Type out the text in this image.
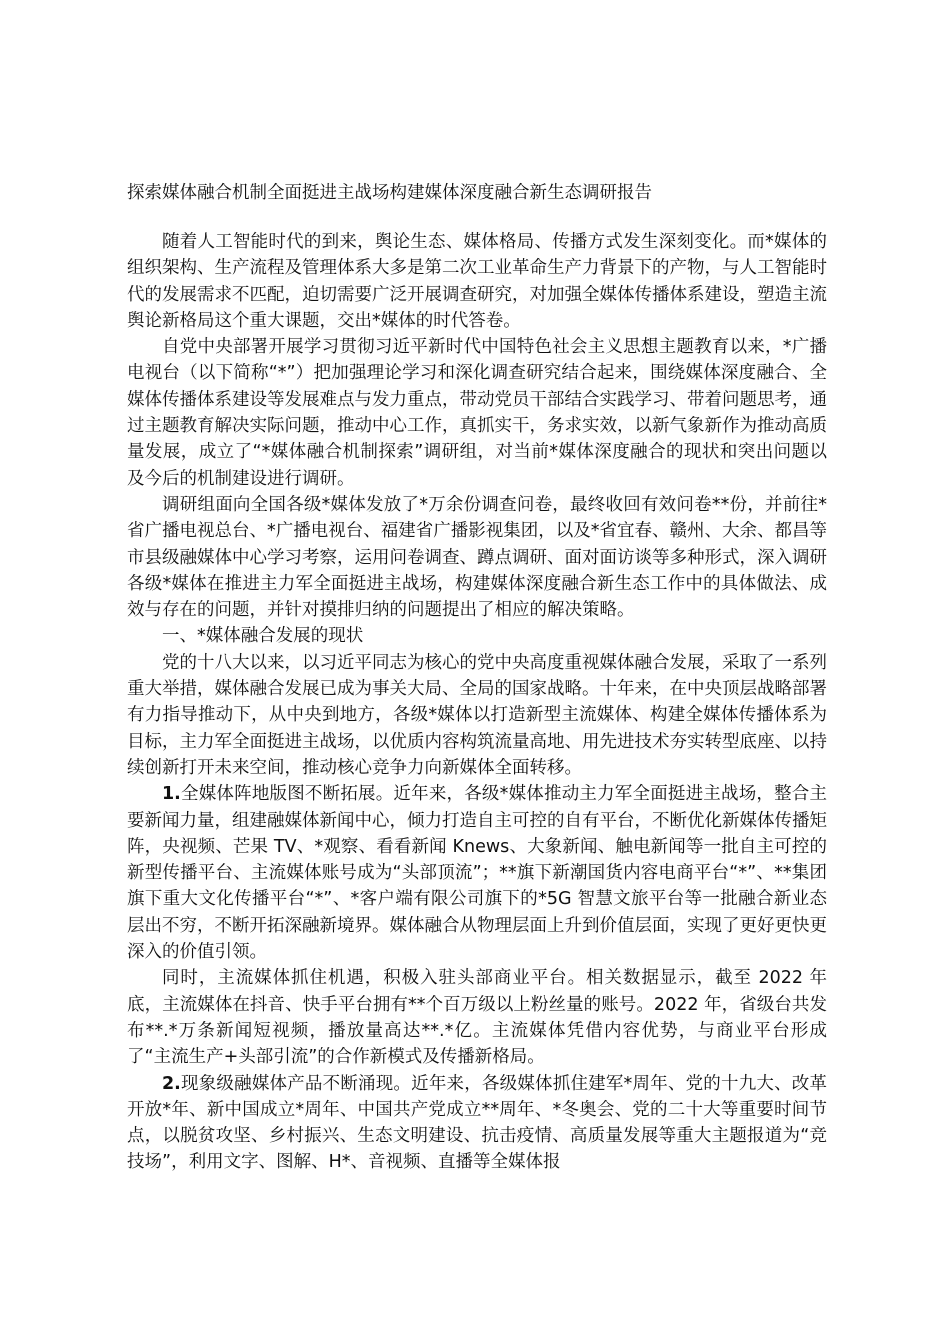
探索媒体融合机制全面挺进主战场构建媒体深度融合新生态调研报告

随着人工智能时代的到来，舆论生态、媒体格局、传播方式发生深刻变化。而*媒体的组织架构、生产流程及管理体系大多是第二次工业革命生产力背景下的产物，与人工智能时代的发展需求不匹配，迫切需要广泛开展调查研究，对加强全媒体传播体系建设，塑造主流舆论新格局这个重大课题，交出*媒体的时代答卷。

自党中央部署开展学习贯彻习近平新时代中国特色社会主义思想主题教育以来，*广播电视台（以下简称“*”）把加强理论学习和深化调查研究结合起来，围绕媒体深度融合、全媒体传播体系建设等发展难点与发力重点，带动党员干部结合实践学习、带着问题思考，通过主题教育解决实际问题，推动中心工作，真抓实干，务求实效，以新气象新作为推动高质量发展，成立了“*媒体融合机制探索”调研组，对当前*媒体深度融合的现状和突出问题以及今后的机制建设进行调研。

调研组面向全国各级*媒体发放了*万余份调查问卷，最终收回有效问卷**份，并前往*省广播电视总台、*广播电视台、福建省广播影视集团，以及*省宜春、赣州、大余、都昌等市县级融媒体中心学习考察，运用问卷调查、蹲点调研、面对面访谈等多种形式，深入调研各级*媒体在推进主力军全面挺进主战场，构建媒体深度融合新生态工作中的具体做法、成效与存在的问题，并针对摸排归纳的问题提出了相应的解决策略。

一、*媒体融合发展的现状

党的十八大以来，以习近平同志为核心的党中央高度重视媒体融合发展，采取了一系列重大举措，媒体融合发展已成为事关大局、全局的国家战略。十年来，在中央顶层战略部署有力指导推动下，从中央到地方，各级*媒体以打造新型主流媒体、构建全媒体传播体系为目标，主力军全面挺进主战场，以优质内容构筑流量高地、用先进技术夯实转型底座、以持续创新打开未来空间，推动核心竞争力向新媒体全面转移。

1.全媒体阵地版图不断拓展。近年来，各级*媒体推动主力军全面挺进主战场，整合主要新闻力量，组建融媒体新闻中心，倾力打造自主可控的自有平台，不断优化新媒体传播矩阵，央视频、芒果 TV、*观察、看看新闻 Knews、大象新闻、触电新闻等一批自主可控的新型传播平台、主流媒体账号成为“头部顶流”；**旗下新潮国货内容电商平台“*”、**集团旗下重大文化传播平台“*”、*客户端有限公司旗下的*5G 智慧文旅平台等一批融合新业态层出不穷，不断开拓深融新境界。媒体融合从物理层面上升到价值层面，实现了更好更快更深入的价值引领。

同时，主流媒体抓住机遇，积极入驻头部商业平台。相关数据显示，截至 2022 年底，主流媒体在抖音、快手平台拥有**个百万级以上粉丝量的账号。2022 年，省级台共发布**.*万条新闻短视频，播放量高达**.*亿。主流媒体凭借内容优势，与商业平台形成了“主流生产+头部引流”的合作新模式及传播新格局。

2.现象级融媒体产品不断涌现。近年来，各级媒体抓住建军*周年、党的十九大、改革开放*年、新中国成立*周年、中国共产党成立**周年、*冬奥会、党的二十大等重要时间节点，以脱贫攻坚、乡村振兴、生态文明建设、抗击疫情、高质量发展等重大主题报道为“竞技场”，利用文字、图解、H*、音视频、直播等全媒体报
